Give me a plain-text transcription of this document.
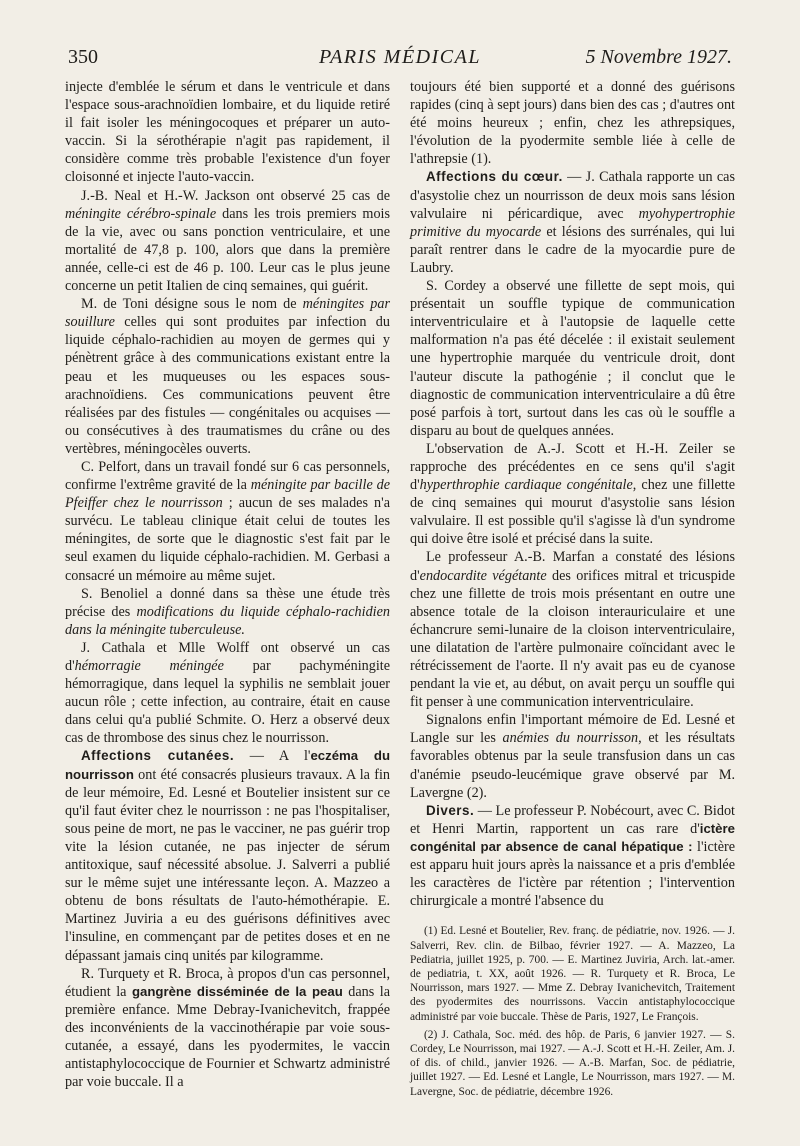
350	PARIS MÉDICAL	5 Novembre 1927.

injecte d'emblée le sérum et dans le ventricule et dans l'espace sous-arachnoïdien lombaire, et du liquide retiré il fait isoler les méningocoques et préparer un auto-vaccin. Si la sérothérapie n'agit pas rapidement, il considère comme très probable l'existence d'un foyer cloisonné et injecte l'auto-vaccin.

J.-B. Neal et H.-W. Jackson ont observé 25 cas de méningite cérébro-spinale dans les trois premiers mois de la vie, avec ou sans ponction ventriculaire, et une mortalité de 47,8 p. 100, alors que dans la première année, celle-ci est de 46 p. 100. Leur cas le plus jeune concerne un petit Italien de cinq semaines, qui guérit.

M. de Toni désigne sous le nom de méningites par souillure celles qui sont produites par infection du liquide céphalo-rachidien au moyen de germes qui y pénètrent grâce à des communications existant entre la peau et les muqueuses ou les espaces sous-arachnoïdiens. Ces communications peuvent être réalisées par des fistules — congénitales ou acquises — ou consécutives à des traumatismes du crâne ou des vertèbres, méningocèles ouverts.

C. Pelfort, dans un travail fondé sur 6 cas personnels, confirme l'extrême gravité de la méningite par bacille de Pfeiffer chez le nourrisson ; aucun de ses malades n'a survécu. Le tableau clinique était celui de toutes les méningites, de sorte que le diagnostic s'est fait par le seul examen du liquide céphalo-rachidien. M. Gerbasi a consacré un mémoire au même sujet.

S. Benoliel a donné dans sa thèse une étude très précise des modifications du liquide céphalo-rachidien dans la méningite tuberculeuse.

J. Cathala et Mlle Wolff ont observé un cas d'hémorragie méningée par pachyméningite hémorragique, dans lequel la syphilis ne semblait jouer aucun rôle ; cette infection, au contraire, était en cause dans celui qu'a publié Schmite. O. Herz a observé deux cas de thrombose des sinus chez le nourrisson.

Affections cutanées. — A l'eczéma du nourrisson ont été consacrés plusieurs travaux. A la fin de leur mémoire, Ed. Lesné et Boutelier insistent sur ce qu'il faut éviter chez le nourrisson : ne pas l'hospitaliser, sous peine de mort, ne pas le vacciner, ne pas guérir trop vite la lésion cutanée, ne pas injecter de sérum antitoxique, sauf nécessité absolue. J. Salverri a publié sur le même sujet une intéressante leçon. A. Mazzeo a obtenu de bons résultats de l'auto-hémothérapie. E. Martinez Juviria a eu des guérisons définitives avec l'insuline, en commençant par de petites doses et en ne dépassant jamais cinq unités par kilogramme.

R. Turquety et R. Broca, à propos d'un cas personnel, étudient la gangrène disséminée de la peau dans la première enfance. Mme Debray-Ivanichevitch, frappée des inconvénients de la vaccinothérapie par voie sous-cutanée, a essayé, dans les pyodermites, le vaccin antistaphylococcique de Fournier et Schwartz administré par voie buccale. Il a

toujours été bien supporté et a donné des guérisons rapides (cinq à sept jours) dans bien des cas ; d'autres ont été moins heureux ; enfin, chez les athrepsiques, l'évolution de la pyodermite semble liée à celle de l'athrepsie (1).

Affections du cœur. — J. Cathala rapporte un cas d'asystolie chez un nourrisson de deux mois sans lésion valvulaire ni péricardique, avec myohypertrophie primitive du myocarde et lésions des surrénales, qui lui paraît rentrer dans le cadre de la myocardie pure de Laubry.

S. Cordey a observé une fillette de sept mois, qui présentait un souffle typique de communication interventriculaire et à l'autopsie de laquelle cette malformation n'a pas été décelée : il existait seulement une hypertrophie marquée du ventricule droit, dont l'auteur discute la pathogénie ; il conclut que le diagnostic de communication interventriculaire a dû être posé parfois à tort, surtout dans les cas où le souffle a disparu au bout de quelques années.

L'observation de A.-J. Scott et H.-H. Zeiler se rapproche des précédentes en ce sens qu'il s'agit d'hyperthrophie cardiaque congénitale, chez une fillette de cinq semaines qui mourut d'asystolie sans lésion valvulaire. Il est possible qu'il s'agisse là d'un syndrome qui doive être isolé et précisé dans la suite.

Le professeur A.-B. Marfan a constaté des lésions d'endocardite végétante des orifices mitral et tricuspide chez une fillette de trois mois présentant en outre une absence totale de la cloison interauriculaire et une échancrure semi-lunaire de la cloison interventriculaire, une dilatation de l'artère pulmonaire coïncidant avec le rétrécissement de l'aorte. Il n'y avait pas eu de cyanose pendant la vie et, au début, on avait perçu un souffle qui fit penser à une communication interventriculaire.

Signalons enfin l'important mémoire de Ed. Lesné et Langle sur les anémies du nourrisson, et les résultats favorables obtenus par la seule transfusion dans un cas d'anémie pseudo-leucémique grave observé par M. Lavergne (2).

Divers. — Le professeur P. Nobécourt, avec C. Bidot et Henri Martin, rapportent un cas rare d'ictère congénital par absence de canal hépatique : l'ictère est apparu huit jours après la naissance et a pris d'emblée les caractères de l'ictère par rétention ; l'intervention chirurgicale a montré l'absence du

(1) Ed. Lesné et Boutelier, Rev. franç. de pédiatrie, nov. 1926. — J. Salverri, Rev. clin. de Bilbao, février 1927. — A. Mazzeo, La Pediatria, juillet 1925, p. 700. — E. Martinez Juviria, Arch. lat.-amer. de pediatria, t. XX, août 1926. — R. Turquety et R. Broca, Le Nourrisson, mars 1927. — Mme Z. Debray Ivanichevitch, Traitement des pyodermites des nourrissons. Vaccin antistaphylococcique administré par voie buccale. Thèse de Paris, 1927, Le François.

(2) J. Cathala, Soc. méd. des hôp. de Paris, 6 janvier 1927. — S. Cordey, Le Nourrisson, mai 1927. — A.-J. Scott et H.-H. Zeiler, Am. J. of dis. of child., janvier 1926. — A.-B. Marfan, Soc. de pédiatrie, juillet 1927. — Ed. Lesné et Langle, Le Nourrisson, mars 1927. — M. Lavergne, Soc. de pédiatrie, décembre 1926.
